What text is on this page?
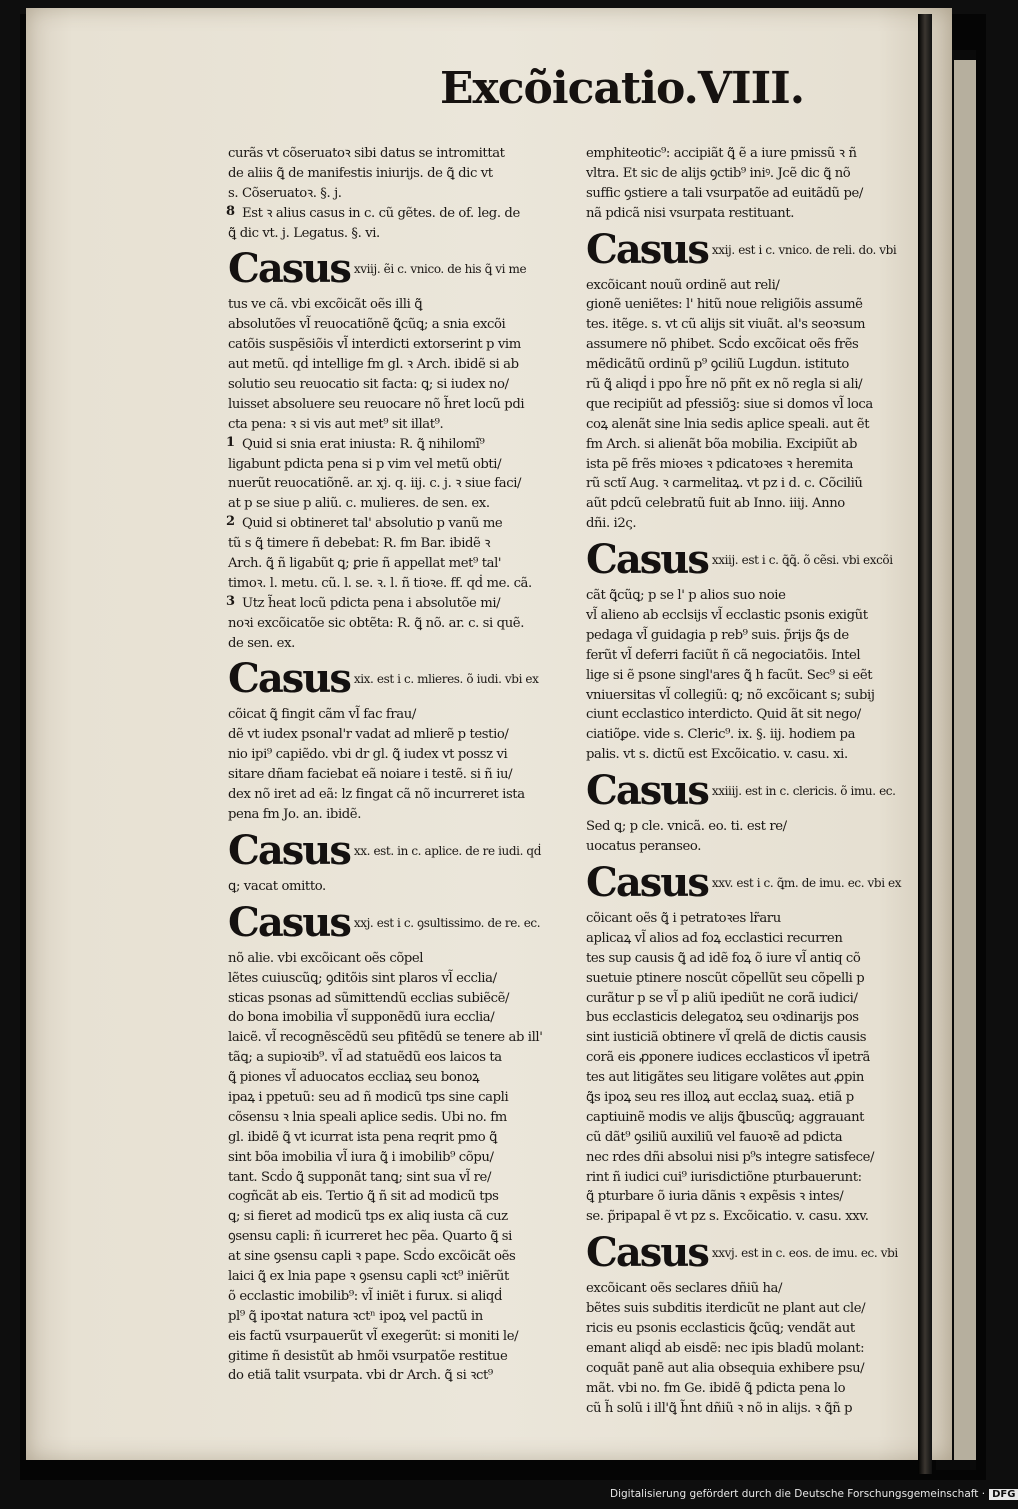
Excõicatio.VIII.
curãs vt cõseruatoꝛ sibi datus se intromittat
de aliis ꝗ̃ de manifestis iniurijs. de ꝗ̃ dic vt
s. Cõseruatoꝛ. §. j.
Est ꝛ alius casus in c. cũ gẽtes. de of. leg. de
ꝗ̃ dic vt. j. Legatus. §. vi.
Casus xviij. ẽi c. vnico. de his ꝗ̃ vi me
tus ve cã. vbi excõicãt oẽs illi ꝗ̃
absolutões vl̃ reuocatiõnẽ ꝗ̃cũꝗ; a snia excõi
catõis suspẽsiõis vl̃ interdicti extorserint p vim
aut metũ. qḋ intellige fm gl. ꝛ Arch. ibidẽ si ab
solutio seu reuocatio sit facta: ꝗ; si iudex no/
luisset absoluere seu reuocare nõ h̃ret locũ pdi
cta pena: ꝛ si vis aut met⁹ sit illat⁹.
Quid si snia erat iniusta: R. ꝗ̃ nihilomĩ⁹
ligabunt pdicta pena si p vim vel metũ obti/
nuerũt reuocatiõnẽ. ar. xj. q. iij. c. j. ꝛ siue faci/
at p se siue p aliũ. c. mulieres. de sen. ex.
Quid si obtineret tal' absolutio p vanũ me
tũ s ꝗ̃ timere ñ debebat: R. fm Bar. ibidẽ ꝛ
Arch. ꝗ̃ ñ ligabũt ꝗ; ꝑrie ñ appellat met⁹ tal'
timoꝛ. l. metu. cũ. l. se. ꝛ. l. ñ tioꝛe. ff. qḋ me. cã.
Utz h̃eat locũ pdicta pena i absolutõe mi/
noꝛi excõicatõe sic obtẽta: R. ꝗ̃ nõ. ar. c. si quẽ.
de sen. ex.
Casus xix. est i c. mlieres. õ iudi. vbi ex
cõicat ꝗ̃ fingit cãm vl̃ fac frau/
dẽ vt iudex psonal'r vadat ad mlierẽ p testio/
nio ipi⁹ capiẽdo. vbi dr gl. ꝗ̃ iudex vt possz vi
sitare dñam faciebat eã noiare i testẽ. si ñ iu/
dex nõ iret ad eã: lz fingat cã nõ incurreret ista
pena fm Jo. an. ibidẽ.
Casus xx. est. in c. aplice. de re iudi. qḋ
ꝗ; vacat omitto.
Casus xxj. est i c. ꝯsultissimo. de re. ec.
nõ alie. vbi excõicant oẽs cõpel
lẽtes cuiuscũꝗ; ꝯditõis sint plaros vl̃ ecclia/
sticas psonas ad sũmittendũ ecclias subiẽcẽ/
do bona imobilia vl̃ supponẽdũ iura ecclia/
laicẽ. vl̃ recognẽscẽdũ seu pfitẽdũ se tenere ab ill'
tãꝗ; a supioꝛib⁹. vl̃ ad statuẽdũ eos laicos ta
ꝗ̃ piones vl̃ aduocatos eccliaꝝ seu bonoꝝ
ipaꝝ i ppetuũ: seu ad ñ modicũ tps sine capli
cõsensu ꝛ lnia speali aplice sedis. Ubi no. fm
gl. ibidẽ ꝗ̃ vt icurrat ista pena reqrit pmo ꝗ̃
sint bõa imobilia vl̃ iura ꝗ̃ i imobilib⁹ cõpu/
tant. Scḋo ꝗ̃ supponãt tanꝗ; sint sua vl̃ re/
cogñcãt ab eis. Tertio ꝗ̃ ñ sit ad modicũ tps
ꝗ; si fieret ad modicũ tps ex aliq iusta cã cuz
ꝯsensu capli: ñ icurreret hec pẽa. Quarto ꝗ̃ si
at sine ꝯsensu capli ꝛ pape. Scḋo excõicãt oẽs
laici ꝗ̃ ex lnia pape ꝛ ꝯsensu capli ꝛct⁹ iniẽrũt
õ ecclastic imobilib⁹: vl̃ iniẽt i furux. si aliqḋ
pl⁹ ꝗ̃ ipoꝛtat natura ꝛctⁿ ipoꝝ vel pactũ in
eis factũ vsurpauerũt vl̃ exegerũt: si moniti le/
gitime ñ desistũt ab hmõi vsurpatõe restitue
do etiã talit vsurpata. vbi dr Arch. ꝗ̃ si ꝛct⁹
emphiteotic⁹: accipiãt ꝗ̃ ẽ a iure pmissũ ꝛ ñ
vltra. Et sic de alijs ꝯctib⁹ iniꝰ. Jcẽ dic ꝗ̃ nõ
suffic ꝯstiere a tali vsurpatõe ad euitãdũ pe/
nã pdicã nisi vsurpata restituant.
Casus xxij. est i c. vnico. de reli. do. vbi
excõicant nouũ ordinẽ aut reli/
gionẽ ueniẽtes: l' hitũ noue religiõis assumẽ
tes. itẽge. s. vt cũ alijs sit viuãt. al's seoꝛsum
assumere nõ phibet. Scḋo excõicat oẽs frẽs
mẽdicãtũ ordinũ p⁹ ꝯciliũ Lugdun. istituto
rũ ꝗ̃ aliqḋ i ppo h̃re nõ pñt ex nõ regla si ali/
que recipiũt ad pfessiõꝫ: siue si domos vl̃ loca
coꝝ alenãt sine lnia sedis aplice speali. aut ẽt
fm Arch. si alienãt bõa mobilia. Excipiũt ab
ista pẽ frẽs mioꝛes ꝛ pdicatoꝛes ꝛ heremita
rũ sctĩ Aug. ꝛ carmelitaꝝ. vt pz i d. c. Cõciliũ
aũt pdcũ celebratũ fuit ab Inno. iiij. Anno
dñi. i2ς.
Casus xxiij. est i c. ꝗ̃ꝗ̃. õ cẽsi. vbi excõi
cãt ꝗ̃cũꝗ; p se l' p alios suo noie
vl̃ alieno ab ecclsijs vl̃ ecclastic psonis exigũt
pedaga vl̃ guidagia p reb⁹ suis. p̃rijs ꝗ̃s de
ferũt vl̃ deferri faciũt ñ cã negociatõis. Intel
lige si ẽ psone singl'ares ꝗ̃ h facũt. Sec⁹ si eẽt
vniuersitas vl̃ collegiũ: ꝗ; nõ excõicant s; subij
ciunt ecclastico interdicto. Quid ãt sit nego/
ciatiõꝑe. vide s. Cleric⁹. ix. §. iij. hodiem pa
palis. vt s. dictũ est Excõicatio. v. casu. xi.
Casus xxiiij. est in c. clericis. õ imu. ec.
Sed ꝗ; p cle. vnicã. eo. ti. est re/
uocatus peranseo.
Casus xxv. est i c. ꝗ̃m. de imu. ec. vbi ex
cõicant oẽs ꝗ̃ i petratoꝛes lr̃aru
aplicaꝝ vl̃ alios ad foꝝ ecclastici recurren
tes sup causis ꝗ̃ ad idẽ foꝝ õ iure vl̃ antiq cõ
suetuie ptinere noscũt cõpellũt seu cõpelli p
curãtur p se vl̃ p aliũ ipediũt ne corã iudici/
bus ecclasticis delegatoꝝ seu oꝛdinarijs pos
sint iusticiã obtinere vl̃ qrelã de dictis causis
corã eis ꝓponere iudices ecclasticos vl̃ ipetrã
tes aut litigãtes seu litigare volẽtes aut ꝓpin
ꝗ̃s ipoꝝ seu res illoꝝ aut ecclaꝝ suaꝝ. etiã p
captiuinẽ modis ve alijs ꝗ̃buscũꝗ; aggrauant
cũ dãt⁹ ꝯsiliũ auxiliũ vel fauoꝛẽ ad pdicta
nec rdes dñi absolui nisi p⁹s integre satisfece/
rint ñ iudici cui⁹ iurisdictiõne pturbauerunt:
ꝗ̃ pturbare õ iuria dãnis ꝛ expẽsis ꝛ intes/
se. p̃ripapal ẽ vt pz s. Excõicatio. v. casu. xxv.
Casus xxvj. est in c. eos. de imu. ec. vbi
excõicant oẽs seclares dñiũ ha/
bẽtes suis subditis iterdicũt ne plant aut cle/
ricis eu psonis ecclasticis ꝗ̃cũꝗ; vendãt aut
emant aliqḋ ab eisdẽ: nec ipis bladũ molant:
coquãt panẽ aut alia obsequia exhibere psu/
mãt. vbi no. fm Ge. ibidẽ ꝗ̃ pdicta pena lo
cũ h̃ solũ i ill'ꝗ̃ h̃nt dñiũ ꝛ nõ in alijs. ꝛ ꝗ̃ñ p
Digitalisierung gefördert durch die Deutsche Forschungsgemeinschaft · DFG
8
1
2
3
